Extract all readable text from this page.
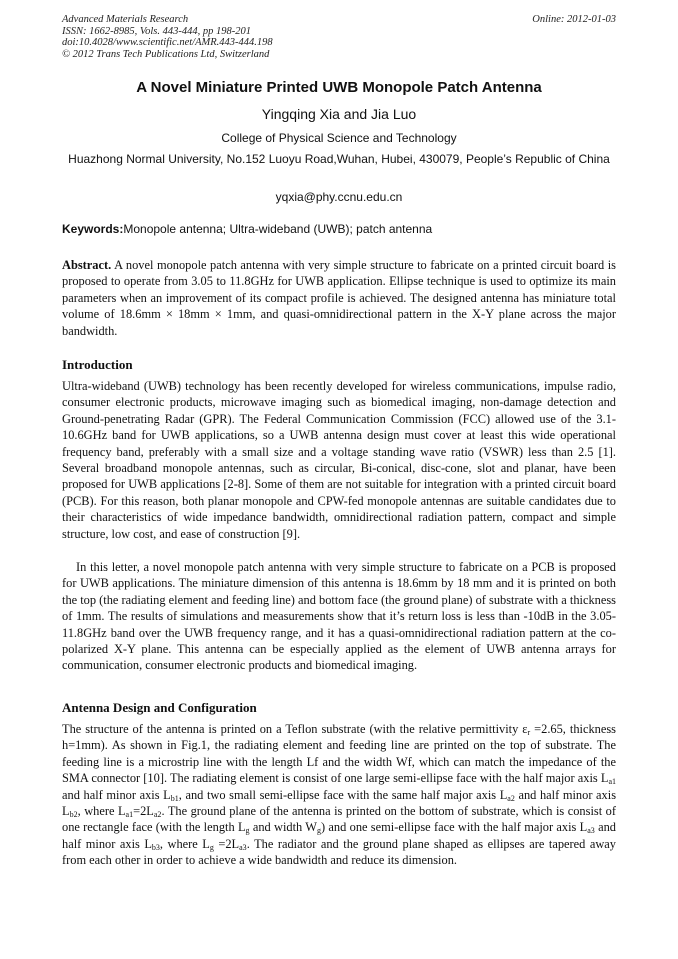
Advanced Materials Research
ISSN: 1662-8985, Vols. 443-444, pp 198-201
doi:10.4028/www.scientific.net/AMR.443-444.198
© 2012 Trans Tech Publications Ltd, Switzerland
Online: 2012-01-03
A Novel Miniature Printed UWB Monopole Patch Antenna
Yingqing Xia and Jia Luo
College of Physical Science and Technology
Huazhong Normal University, No.152 Luoyu Road,Wuhan, Hubei, 430079, People’s Republic of China
yqxia@phy.ccnu.edu.cn
Keywords:Monopole antenna; Ultra-wideband (UWB); patch antenna
Abstract. A novel monopole patch antenna with very simple structure to fabricate on a printed circuit board is proposed to operate from 3.05 to 11.8GHz for UWB application. Ellipse technique is used to optimize its main parameters when an improvement of its compact profile is achieved. The designed antenna has miniature total volume of 18.6mm × 18mm × 1mm, and quasi-omnidirectional pattern in the X-Y plane across the major bandwidth.
Introduction
Ultra-wideband (UWB) technology has been recently developed for wireless communications, impulse radio, consumer electronic products, microwave imaging such as biomedical imaging, non-damage detection and Ground-penetrating Radar (GPR). The Federal Communication Commission (FCC) allowed use of the 3.1-10.6GHz band for UWB applications, so a UWB antenna design must cover at least this wide operational frequency band, preferably with a small size and a voltage standing wave ratio (VSWR) less than 2.5 [1]. Several broadband monopole antennas, such as circular, Bi-conical, disc-cone, slot and planar, have been proposed for UWB applications [2-8]. Some of them are not suitable for integration with a printed circuit board (PCB). For this reason, both planar monopole and CPW-fed monopole antennas are suitable candidates due to their characteristics of wide impedance bandwidth, omnidirectional radiation pattern, compact and simple structure, low cost, and ease of construction [9].
In this letter, a novel monopole patch antenna with very simple structure to fabricate on a PCB is proposed for UWB applications. The miniature dimension of this antenna is 18.6mm by 18 mm and it is printed on both the top (the radiating element and feeding line) and bottom face (the ground plane) of substrate with a thickness of 1mm. The results of simulations and measurements show that it’s return loss is less than -10dB in the 3.05-11.8GHz band over the UWB frequency range, and it has a quasi-omnidirectional radiation pattern at the co-polarized X-Y plane. This antenna can be especially applied as the element of UWB antenna arrays for communication, consumer electronic products and biomedical imaging.
Antenna Design and Configuration
The structure of the antenna is printed on a Teflon substrate (with the relative permittivity $\varepsilon_r =2.65$, thickness h=1mm). As shown in Fig.1, the radiating element and feeding line are printed on the top of substrate. The feeding line is a microstrip line with the length Lf and the width Wf, which can match the impedance of the SMA connector [10]. The radiating element is consist of one large semi-ellipse face with the half major axis $L_{a1}$ and half minor axis $L_{b1}$, and two small semi-ellipse face with the same half major axis $L_{a2}$ and half minor axis $L_{b2}$, where $L_{a1}=2L_{a2}$. The ground plane of the antenna is printed on the bottom of substrate, which is consist of one rectangle face (with the length $L_g$ and width $W_g$) and one semi-ellipse face with the half major axis $L_{a3}$ and half minor axis $L_{b3}$, where $L_g =2L_{a3}$. The radiator and the ground plane shaped as ellipses are tapered away from each other in order to achieve a wide bandwidth and reduce its dimension.
